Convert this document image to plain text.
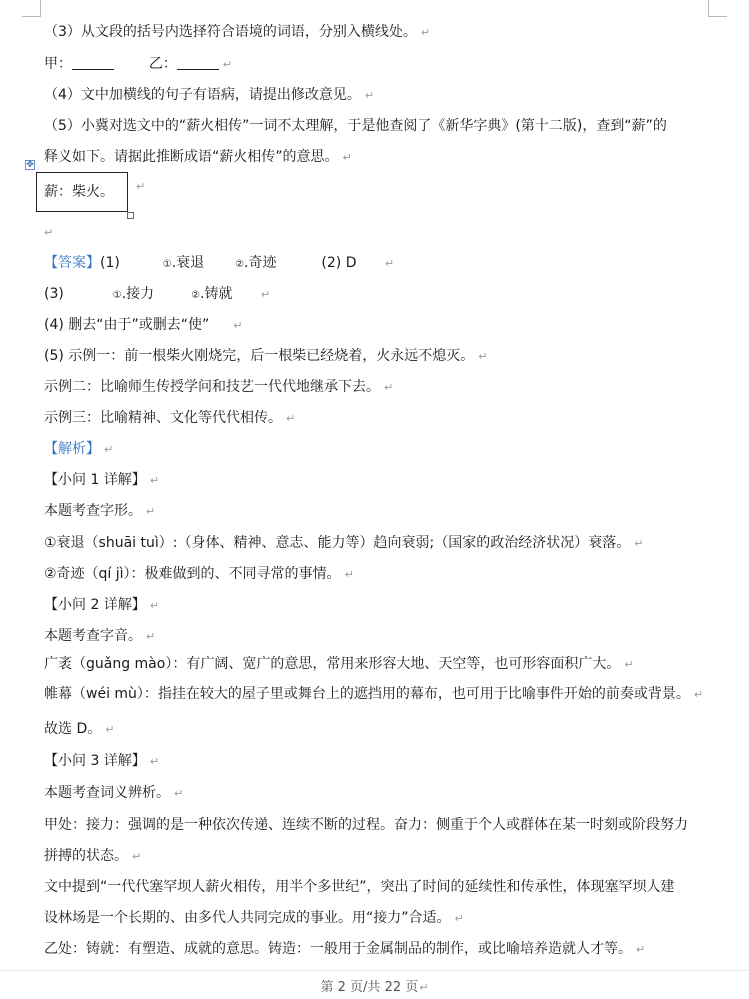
（3）从文段的括号内选择符合语境的词语，分别入横线处。 ↵
甲：	乙：	↵
（4）文中加横线的句子有语病，请提出修改意见。 ↵
（5）小冀对选文中的“薪火相传”一词不太理解，于是他查阅了《新华字典》(第十二版)，查到“薪”的
释义如下。请据此推断成语“薪火相传”的意思。 ↵
✥
薪：柴火。	↵
↵
【答案】(1)	①.衰退	②.奇迹	(2) D	↵
(3)	①.接力	②.铸就	↵
(4) 删去“由于”或删去“使” ↵
(5) 示例一：前一根柴火刚烧完，后一根柴已经烧着，火永远不熄灭。 ↵
示例二：比喻师生传授学问和技艺一代代地继承下去。 ↵
示例三：比喻精神、文化等代代相传。 ↵
【解析】 ↵
【小问 1 详解】 ↵
本题考查字形。 ↵
①衰退（shuāi tuì）:（身体、精神、意志、能力等）趋向衰弱;（国家的政治经济状况）衰落。 ↵
②奇迹（qí jì）：极难做到的、不同寻常的事情。 ↵
【小问 2 详解】 ↵
本题考查字音。 ↵
广袤（guǎng mào）：有广阔、宽广的意思，常用来形容大地、天空等，也可形容面积广大。 ↵
帷幕（wéi mù）：指挂在较大的屋子里或舞台上的遮挡用的幕布，也可用于比喻事件开始的前奏或背景。 ↵
故选 D。 ↵
【小问 3 详解】 ↵
本题考查词义辨析。 ↵
甲处：接力：强调的是一种依次传递、连续不断的过程。奋力：侧重于个人或群体在某一时刻或阶段努力
拼搏的状态。 ↵
文中提到“一代代塞罕坝人薪火相传，用半个多世纪”，突出了时间的延续性和传承性，体现塞罕坝人建
设林场是一个长期的、由多代人共同完成的事业。用“接力”合适。 ↵
乙处：铸就：有塑造、成就的意思。铸造：一般用于金属制品的制作，或比喻培养造就人才等。 ↵
第 2 页/共 22 页↵
